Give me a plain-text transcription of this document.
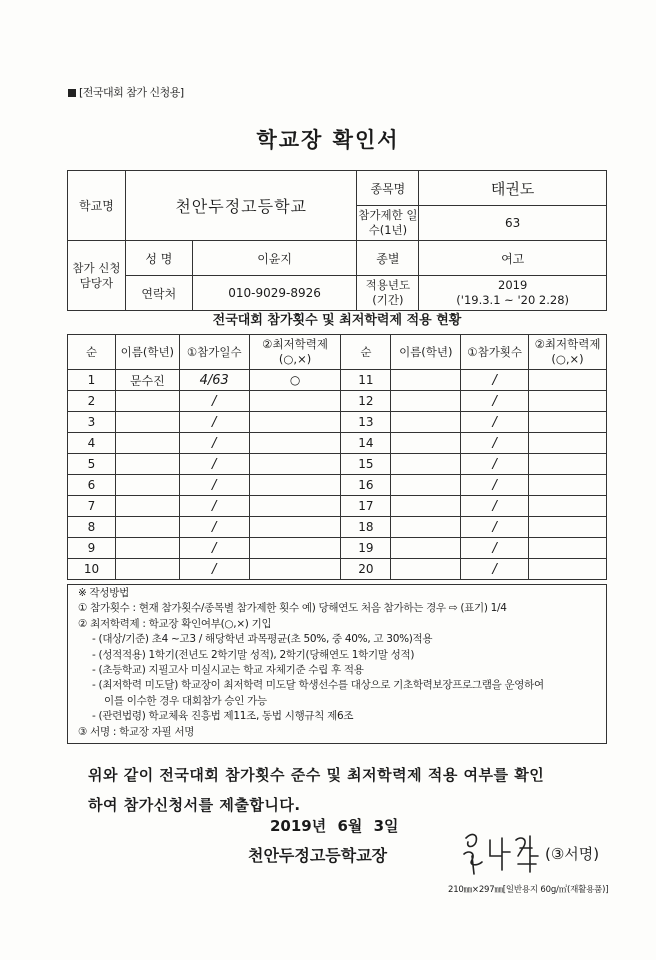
[전국대회 참가 신청용]
학교장 확인서
학교명	천안두정고등학교		종목명	태권도
			참가제한 일수(1년)	63
참가 신청 담당자	성 명	이윤지	종별	여고
	연락처	010-9029-8926	적용년도 (기간)	2019
('19.3.1 ~ '20 2.28)
전국대회 참가횟수 및 최저학력제 적용 현황
순	이름(학년)	①참가일수	②최저학력제 (○,×)	순	이름(학년)	①참가횟수	②최저학력제 (○,×)
1	문수진	4/63	○	11		/	
2		/		12		/	
3		/		13		/	
4		/		14		/	
5		/		15		/	
6		/		16		/	
7		/		17		/	
8		/		18		/	
9		/		19		/	
10		/		20		/	
※ 작성방법
① 참가횟수 : 현재 참가횟수/종목별 참가제한 횟수 예) 당해연도 처음 참가하는 경우 ⇨ (표기) 1/4
② 최저학력제 : 학교장 확인여부(○,×) 기입
- (대상/기준) 초4 ~고3 / 해당학년 과목평균(초 50%, 중 40%, 고 30%)적용
- (성적적용) 1학기(전년도 2학기말 성적), 2학기(당해연도 1학기말 성적)
- (초등학교) 지필고사 미실시교는 학교 자체기준 수립 후 적용
- (최저학력 미도달) 학교장이 최저학력 미도달 학생선수를 대상으로 기초학력보장프로그램을 운영하여
이를 이수한 경우 대회참가 승인 가능
- (관련법령) 학교체육 진흥법 제11조, 동법 시행규칙 제6조
③ 서명 : 학교장 자필 서명
위와 같이 전국대회 참가횟수 준수 및 최저학력제 적용 여부를 확인
하여 참가신청서를 제출합니다.
2019년 6월 3일
천안두정고등학교장	(③서명)
210㎜×297㎜[일반용지 60g/㎡(재활용품)]
